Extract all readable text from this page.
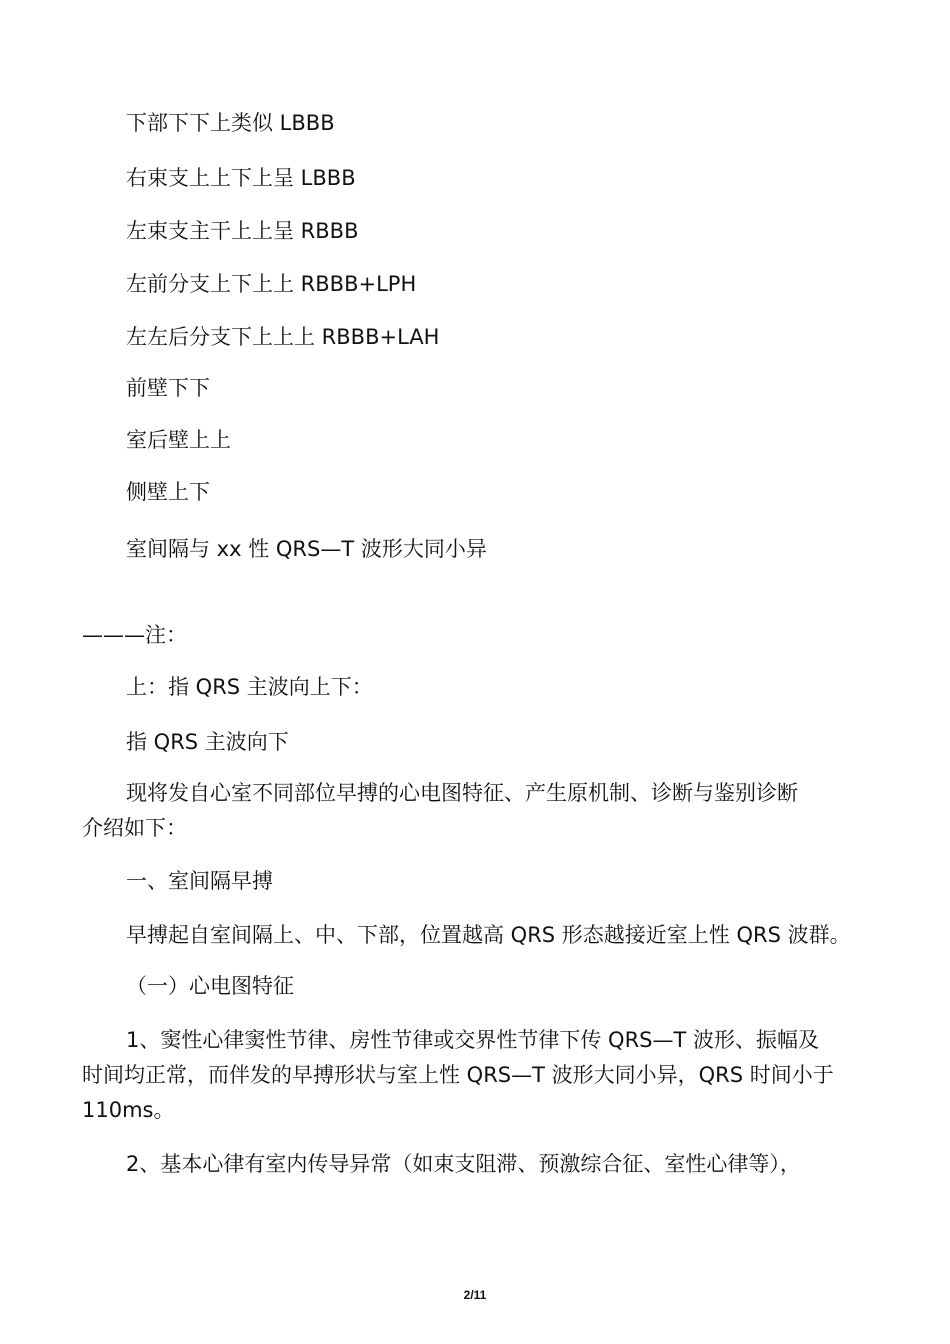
下部下下上类似 LBBB
右束支上上下上呈 LBBB
左束支主干上上呈 RBBB
左前分支上下上上 RBBB+LPH
左左后分支下上上上 RBBB+LAH
前壁下下
室后壁上上
侧壁上下
室间隔与 xx 性 QRS—T 波形大同小异
———注：
上：指 QRS 主波向上下：
指 QRS 主波向下
现将发自心室不同部位早搏的心电图特征、产生原机制、诊断与鉴别诊断
介绍如下：
一、室间隔早搏
早搏起自室间隔上、中、下部，位置越高 QRS 形态越接近室上性 QRS 波群。
（一）心电图特征
1、窦性心律窦性节律、房性节律或交界性节律下传 QRS—T 波形、振幅及
时间均正常，而伴发的早搏形状与室上性 QRS—T 波形大同小异，QRS 时间小于
110ms。
2、基本心律有室内传导异常（如束支阻滞、预激综合征、室性心律等），
2/11
